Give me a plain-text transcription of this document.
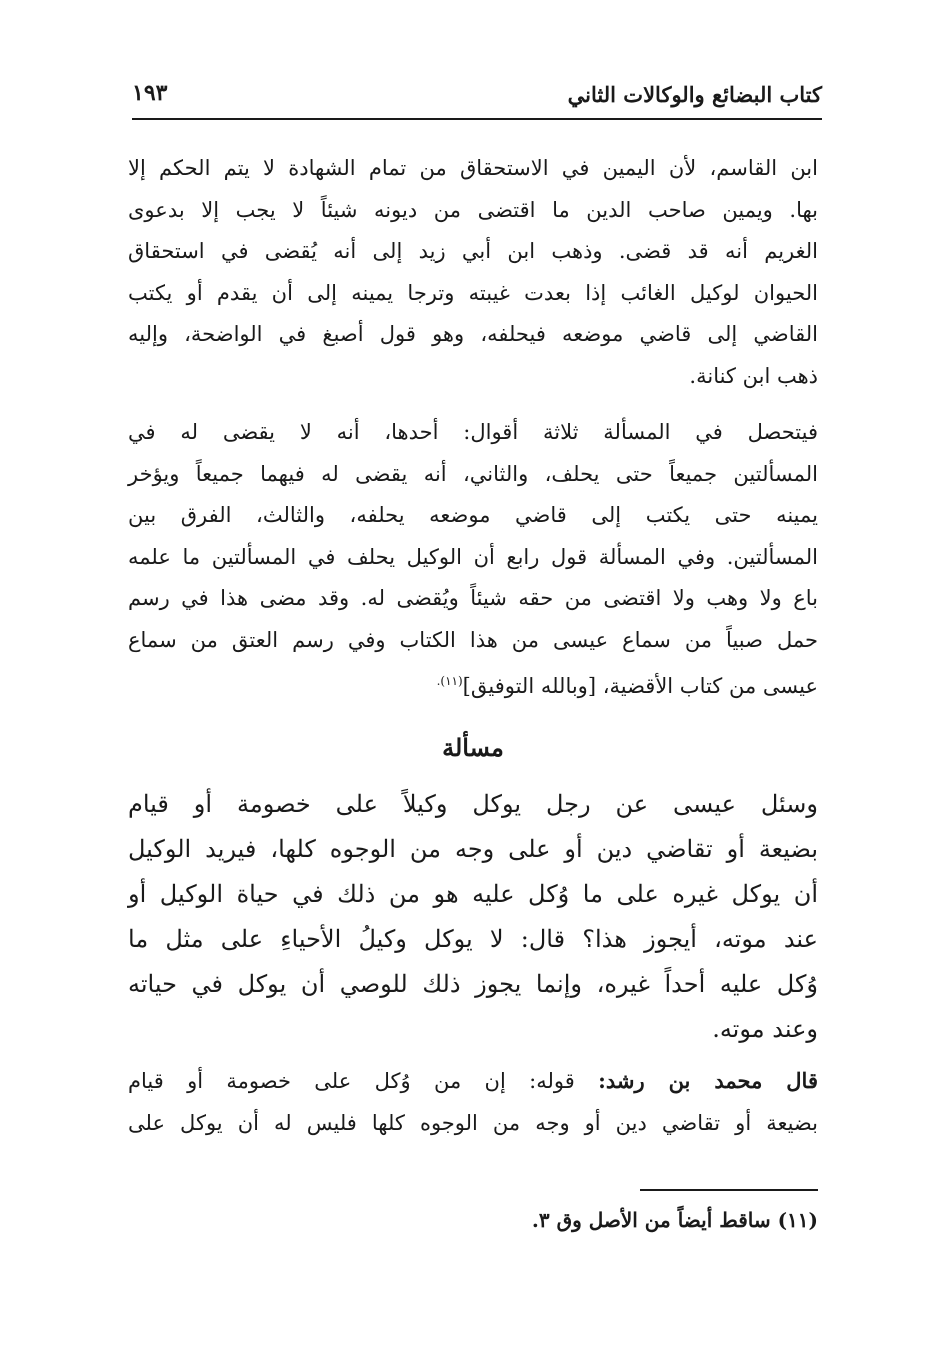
كتاب البضائع والوكالات الثاني
١٩٣
ابن القاسم، لأن اليمين في الاستحقاق من تمام الشهادة لا يتم الحكم إلا
بها. ويمين صاحب الدين ما اقتضى من ديونه شيئاً لا يجب إلا بدعوى
الغريم أنه قد قضى. وذهب ابن أبي زيد إلى أنه يُقضى في استحقاق
الحيوان لوكيل الغائب إذا بعدت غيبته وترجا يمينه إلى أن يقدم أو يكتب
القاضي إلى قاضي موضعه فيحلفه، وهو قول أصبغ في الواضحة، وإليه
ذهب ابن كنانة.
فيتحصل في المسألة ثلاثة أقوال: أحدها، أنه لا يقضى له في
المسألتين جميعاً حتى يحلف، والثاني، أنه يقضى له فيهما جميعاً ويؤخر
يمينه حتى يكتب إلى قاضي موضعه يحلفه، والثالث، الفرق بين
المسألتين. وفي المسألة قول رابع أن الوكيل يحلف في المسألتين ما علمه
باع ولا وهب ولا اقتضى من حقه شيئاً ويُقضى له. وقد مضى هذا في رسم
حمل صبياً من سماع عيسى من هذا الكتاب وفي رسم العتق من سماع
عيسى من كتاب الأقضية، [وبالله التوفيق]$^{(١١).}$
مسألة
وسئل عيسى عن رجل يوكل وكيلاً على خصومة أو قيام
بضيعة أو تقاضي دين أو على وجه من الوجوه كلها، فيريد الوكيل
أن يوكل غيره على ما وُكل عليه هو من ذلك في حياة الوكيل أو
عند موته، أيجوز هذا؟ قال: لا يوكل وكيلُ الأحياءِ على مثل ما
وُكل عليه أحداً غيره، وإنما يجوز ذلك للوصي أن يوكل في حياته
وعند موته.
قال محمد بن رشد: قوله: إن من وُكل على خصومة أو قيام
بضيعة أو تقاضي دين أو وجه من الوجوه كلها فليس له أن يوكل على
(١١) ساقط أيضاً من الأصل وق ٣.
